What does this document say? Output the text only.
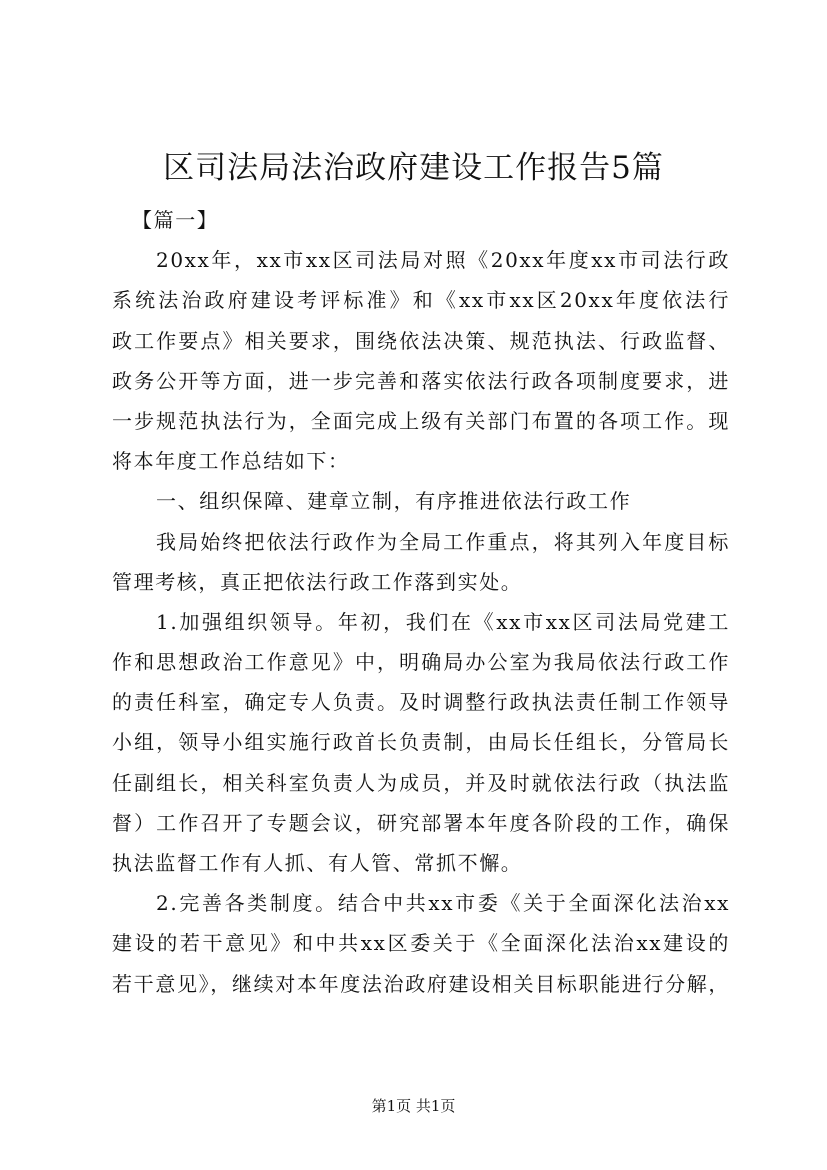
区司法局法治政府建设工作报告5篇
【篇一】
20xx年，xx市xx区司法局对照《20xx年度xx市司法行政
系统法治政府建设考评标准》和《xx市xx区20xx年度依法行
政工作要点》相关要求，围绕依法决策、规范执法、行政监督、
政务公开等方面，进一步完善和落实依法行政各项制度要求，进
一步规范执法行为，全面完成上级有关部门布置的各项工作。现
将本年度工作总结如下：
一、组织保障、建章立制，有序推进依法行政工作
我局始终把依法行政作为全局工作重点，将其列入年度目标
管理考核，真正把依法行政工作落到实处。
1.加强组织领导。年初，我们在《xx市xx区司法局党建工
作和思想政治工作意见》中，明确局办公室为我局依法行政工作
的责任科室，确定专人负责。及时调整行政执法责任制工作领导
小组，领导小组实施行政首长负责制，由局长任组长，分管局长
任副组长，相关科室负责人为成员，并及时就依法行政（执法监
督）工作召开了专题会议，研究部署本年度各阶段的工作，确保
执法监督工作有人抓、有人管、常抓不懈。
2.完善各类制度。结合中共xx市委《关于全面深化法治xx
建设的若干意见》和中共xx区委关于《全面深化法治xx建设的
若干意见》，继续对本年度法治政府建设相关目标职能进行分解，
第1页 共1页
